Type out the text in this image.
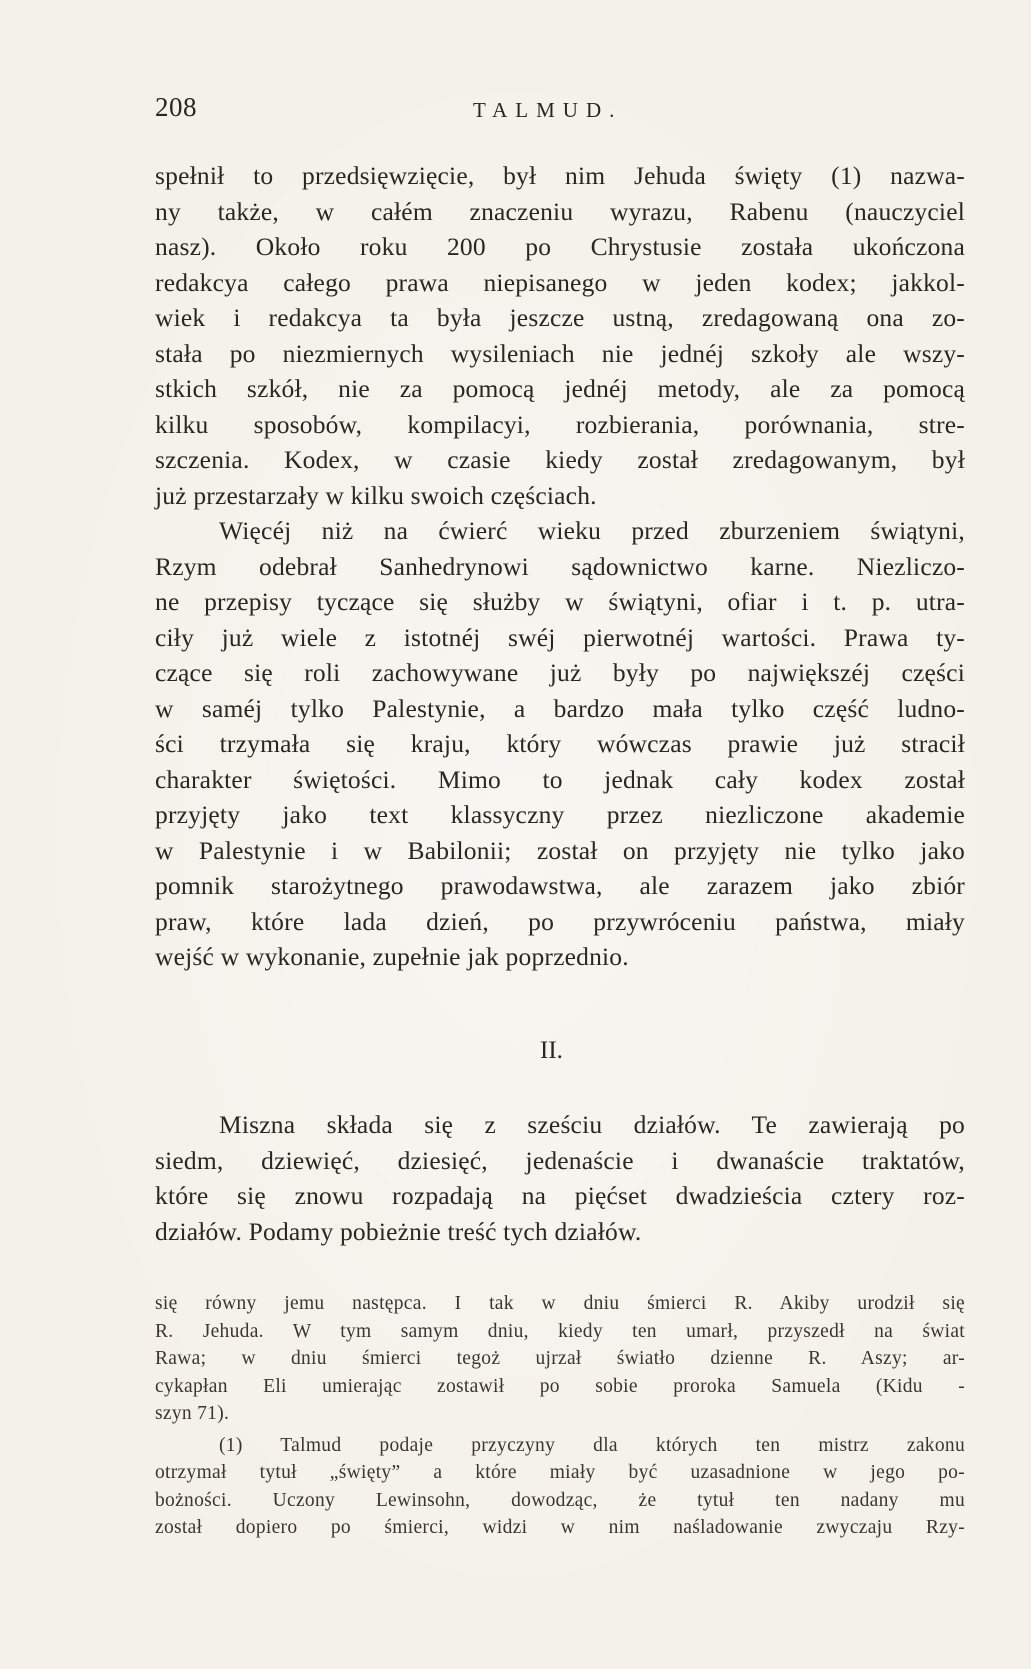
208	TALMUD.
spełnił to przedsięwzięcie, był nim Jehuda święty (1) nazwa-
ny także, w całém znaczeniu wyrazu, Rabenu (nauczyciel
nasz). Około roku 200 po Chrystusie została ukończona
redakcya całego prawa niepisanego w jeden kodex; jakkol-
wiek i redakcya ta była jeszcze ustną, zredagowaną ona zo-
stała po niezmiernych wysileniach nie jednéj szkoły ale wszy-
stkich szkół, nie za pomocą jednéj metody, ale za pomocą
kilku sposobów, kompilacyi, rozbierania, porównania, stre-
szczenia. Kodex, w czasie kiedy został zredagowanym, był
już przestarzały w kilku swoich częściach.
Więcéj niż na ćwierć wieku przed zburzeniem świątyni,
Rzym odebrał Sanhedrynowi sądownictwo karne. Niezliczo-
ne przepisy tyczące się służby w świątyni, ofiar i t. p. utra-
ciły już wiele z istotnéj swéj pierwotnéj wartości. Prawa ty-
czące się roli zachowywane już były po największéj części
w saméj tylko Palestynie, a bardzo mała tylko część ludno-
ści trzymała się kraju, który wówczas prawie już stracił
charakter świętości. Mimo to jednak cały kodex został
przyjęty jako text klassyczny przez niezliczone akademie
w Palestynie i w Babilonii; został on przyjęty nie tylko jako
pomnik starożytnego prawodawstwa, ale zarazem jako zbiór
praw, które lada dzień, po przywróceniu państwa, miały
wejść w wykonanie, zupełnie jak poprzednio.
II.
Miszna składa się z sześciu działów. Te zawierają po
siedm, dziewięć, dziesięć, jedenaście i dwanaście traktatów,
które się znowu rozpadają na pięćset dwadzieścia cztery roz-
działów. Podamy pobieżnie treść tych działów.
się równy jemu następca. I tak w dniu śmierci R. Akiby urodził się
R. Jehuda. W tym samym dniu, kiedy ten umarł, przyszedł na świat
Rawa; w dniu śmierci tegoż ujrzał światło dzienne R. Aszy; ar-
cykapłan Eli umierając zostawił po sobie proroka Samuela (Kidu -
szyn 71).
(1) Talmud podaje przyczyny dla których ten mistrz zakonu
otrzymał tytuł „święty” a które miały być uzasadnione w jego po-
bożności. Uczony Lewinsohn, dowodząc, że tytuł ten nadany mu
został dopiero po śmierci, widzi w nim naśladowanie zwyczaju Rzy-
